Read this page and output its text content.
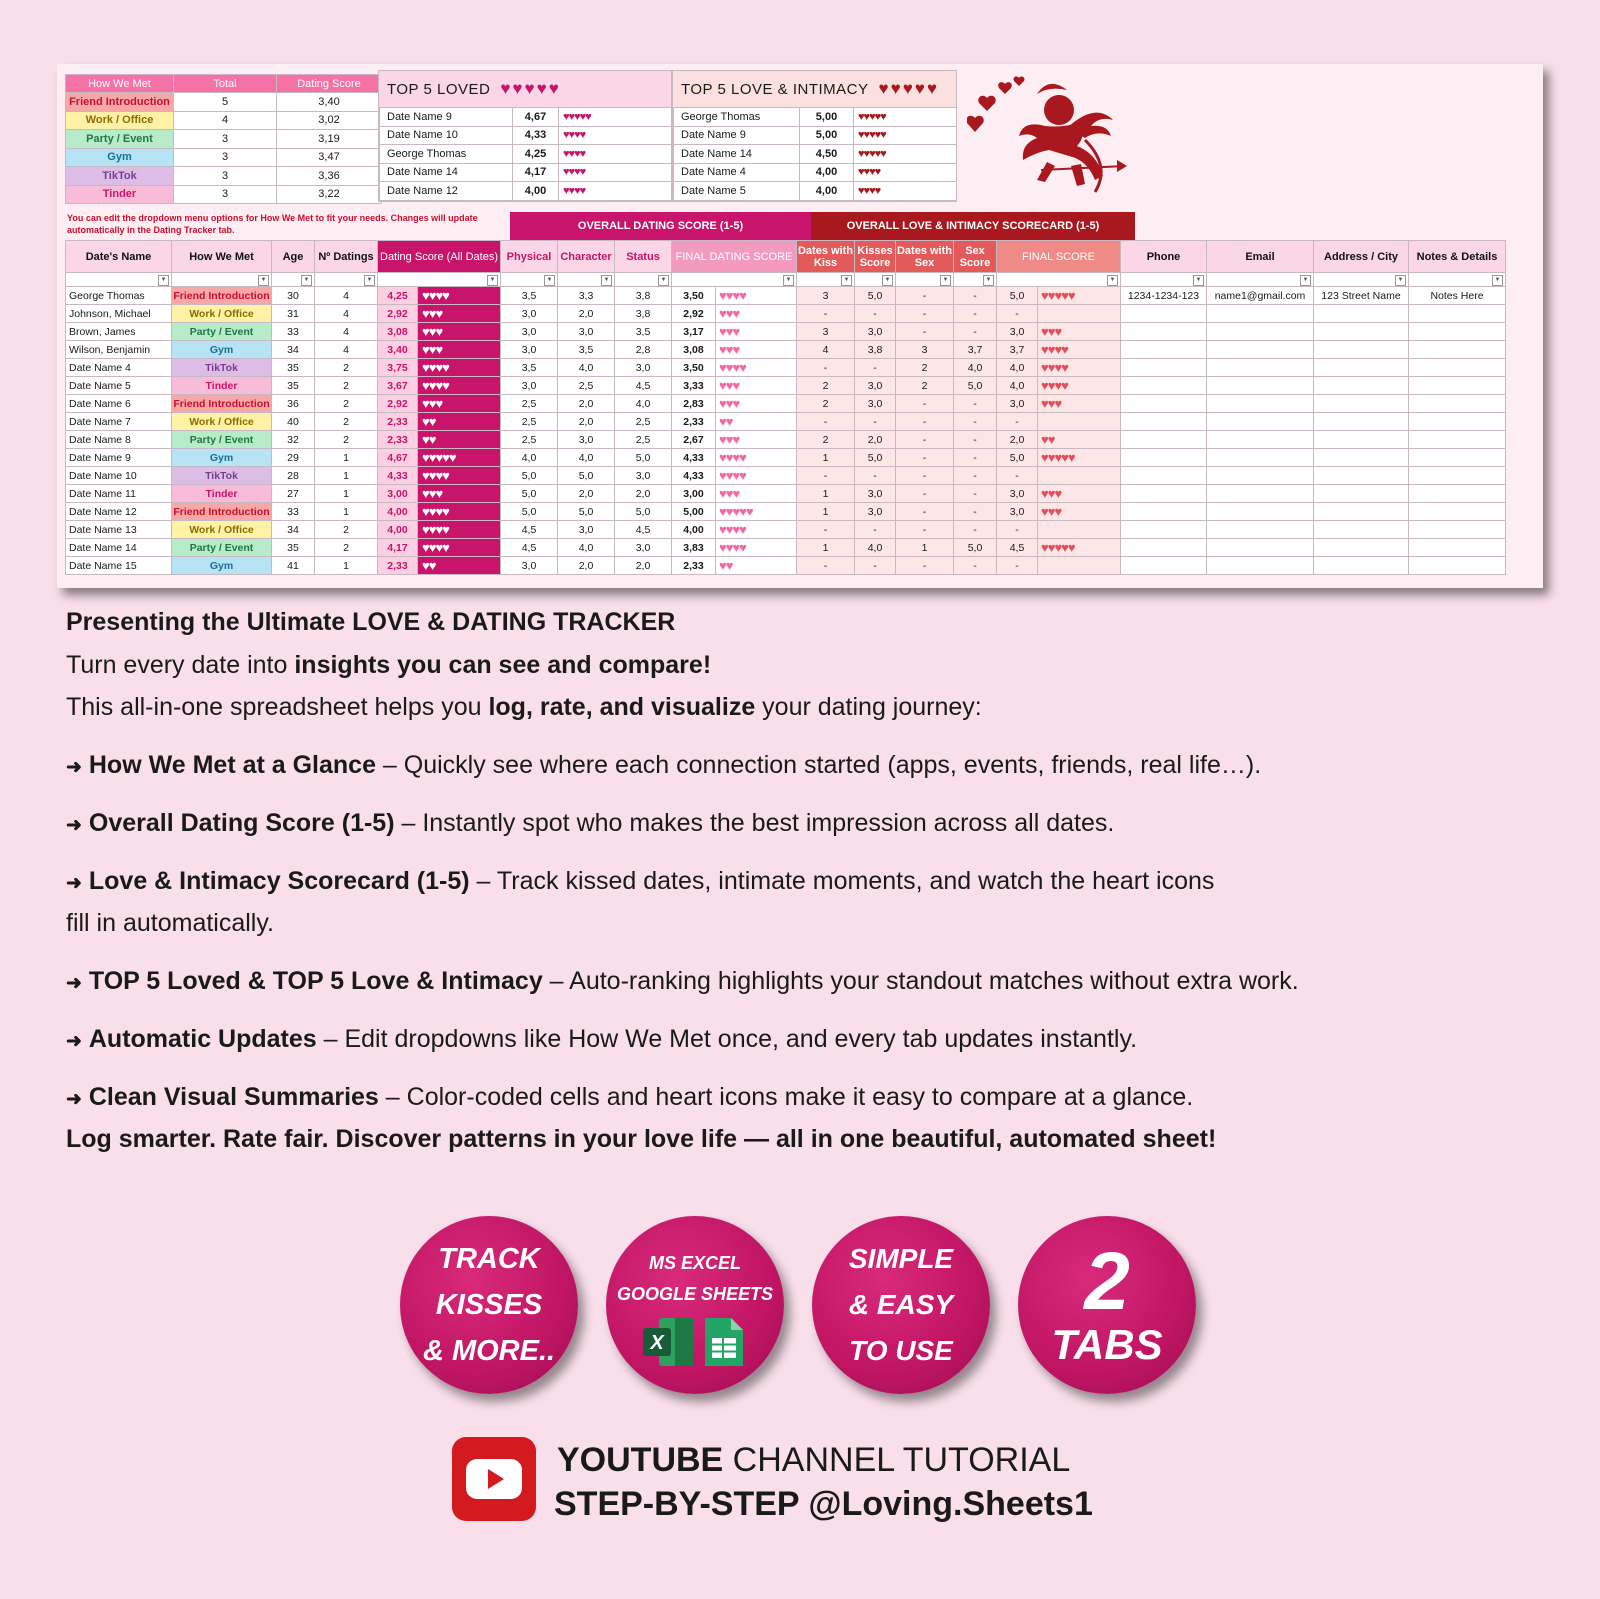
How We Met	Total	Dating Score
Friend Introduction	5	3,40
Work / Office	4	3,02
Party / Event	3	3,19
Gym	3	3,47
TikTok	3	3,36
Tinder	3	3,22
TOP 5 LOVED ♥♥♥♥♥
Date Name 9	4,67	♥♥♥♥♥
Date Name 10	4,33	♥♥♥♥
George Thomas	4,25	♥♥♥♥
Date Name 14	4,17	♥♥♥♥
Date Name 12	4,00	♥♥♥♥
TOP 5 LOVE & INTIMACY ♥♥♥♥♥
George Thomas	5,00	♥♥♥♥♥
Date Name 9	5,00	♥♥♥♥♥
Date Name 14	4,50	♥♥♥♥♥
Date Name 4	4,00	♥♥♥♥
Date Name 5	4,00	♥♥♥♥
You can edit the dropdown menu options for How We Met to fit your needs. Changes will update automatically in the Dating Tracker tab.	OVERALL DATING SCORE (1-5)	OVERALL LOVE & INTIMACY SCORECARD (1-5)
Date's Name	How We Met	Age	Nº Datings	Dating Score (All Dates)		Physical	Character	Status	FINAL DATING SCORE		Dates with Kiss	Kisses Score	Dates with Sex	Sex Score	FINAL SCORE		Phone	Email	Address / City	Notes & Details

▼	▼	▼	▼	▼		▼	▼	▼	▼		▼	▼	▼	▼	▼		▼	▼	▼	▼

George Thomas	Friend Introduction	30	4	4,25	♥♥♥♥	3,5	3,3	3,8	3,50	♥♥♥♥	3	5,0	-	-	5,0	♥♥♥♥♥	1234-1234-123	name1@gmail.com	123 Street Name	Notes Here
Johnson, Michael	Work / Office	31	4	2,92	♥♥♥	3,0	2,0	3,8	2,92	♥♥♥	-	-	-	-	-					
Brown, James	Party / Event	33	4	3,08	♥♥♥	3,0	3,0	3,5	3,17	♥♥♥	3	3,0	-	-	3,0	♥♥♥				
Wilson, Benjamin	Gym	34	4	3,40	♥♥♥	3,0	3,5	2,8	3,08	♥♥♥	4	3,8	3	3,7	3,7	♥♥♥♥				
Date Name 4	TikTok	35	2	3,75	♥♥♥♥	3,5	4,0	3,0	3,50	♥♥♥♥	-	-	2	4,0	4,0	♥♥♥♥				
Date Name 5	Tinder	35	2	3,67	♥♥♥♥	3,0	2,5	4,5	3,33	♥♥♥	2	3,0	2	5,0	4,0	♥♥♥♥				
Date Name 6	Friend Introduction	36	2	2,92	♥♥♥	2,5	2,0	4,0	2,83	♥♥♥	2	3,0	-	-	3,0	♥♥♥				
Date Name 7	Work / Office	40	2	2,33	♥♥	2,5	2,0	2,5	2,33	♥♥	-	-	-	-	-					
Date Name 8	Party / Event	32	2	2,33	♥♥	2,5	3,0	2,5	2,67	♥♥♥	2	2,0	-	-	2,0	♥♥				
Date Name 9	Gym	29	1	4,67	♥♥♥♥♥	4,0	4,0	5,0	4,33	♥♥♥♥	1	5,0	-	-	5,0	♥♥♥♥♥				
Date Name 10	TikTok	28	1	4,33	♥♥♥♥	5,0	5,0	3,0	4,33	♥♥♥♥	-	-	-	-	-					
Date Name 11	Tinder	27	1	3,00	♥♥♥	5,0	2,0	2,0	3,00	♥♥♥	1	3,0	-	-	3,0	♥♥♥				
Date Name 12	Friend Introduction	33	1	4,00	♥♥♥♥	5,0	5,0	5,0	5,00	♥♥♥♥♥	1	3,0	-	-	3,0	♥♥♥				
Date Name 13	Work / Office	34	2	4,00	♥♥♥♥	4,5	3,0	4,5	4,00	♥♥♥♥	-	-	-	-	-					
Date Name 14	Party / Event	35	2	4,17	♥♥♥♥	4,5	4,0	3,0	3,83	♥♥♥♥	1	4,0	1	5,0	4,5	♥♥♥♥♥				
Date Name 15	Gym	41	1	2,33	♥♥	3,0	2,0	2,0	2,33	♥♥	-	-	-	-	-					
Presenting the Ultimate LOVE & DATING TRACKER
Turn every date into insights you can see and compare!
This all-in-one spreadsheet helps you log, rate, and visualize your dating journey:
➜ How We Met at a Glance – Quickly see where each connection started (apps, events, friends, real life…).
➜ Overall Dating Score (1-5) – Instantly spot who makes the best impression across all dates.
➜ Love & Intimacy Scorecard (1-5) – Track kissed dates, intimate moments, and watch the heart icons
fill in automatically.
➜ TOP 5 Loved & TOP 5 Love & Intimacy – Auto-ranking highlights your standout matches without extra work.
➜ Automatic Updates – Edit dropdowns like How We Met once, and every tab updates instantly.
➜ Clean Visual Summaries – Color-coded cells and heart icons make it easy to compare at a glance.
Log smarter. Rate fair. Discover patterns in your love life — all in one beautiful, automated sheet!
TRACK
KISSES
& MORE..
MS EXCEL
GOOGLE SHEETS
X
SIMPLE
& EASY
TO USE
2
TABS
YOUTUBE CHANNEL TUTORIAL
STEP-BY-STEP @Loving.Sheets1
